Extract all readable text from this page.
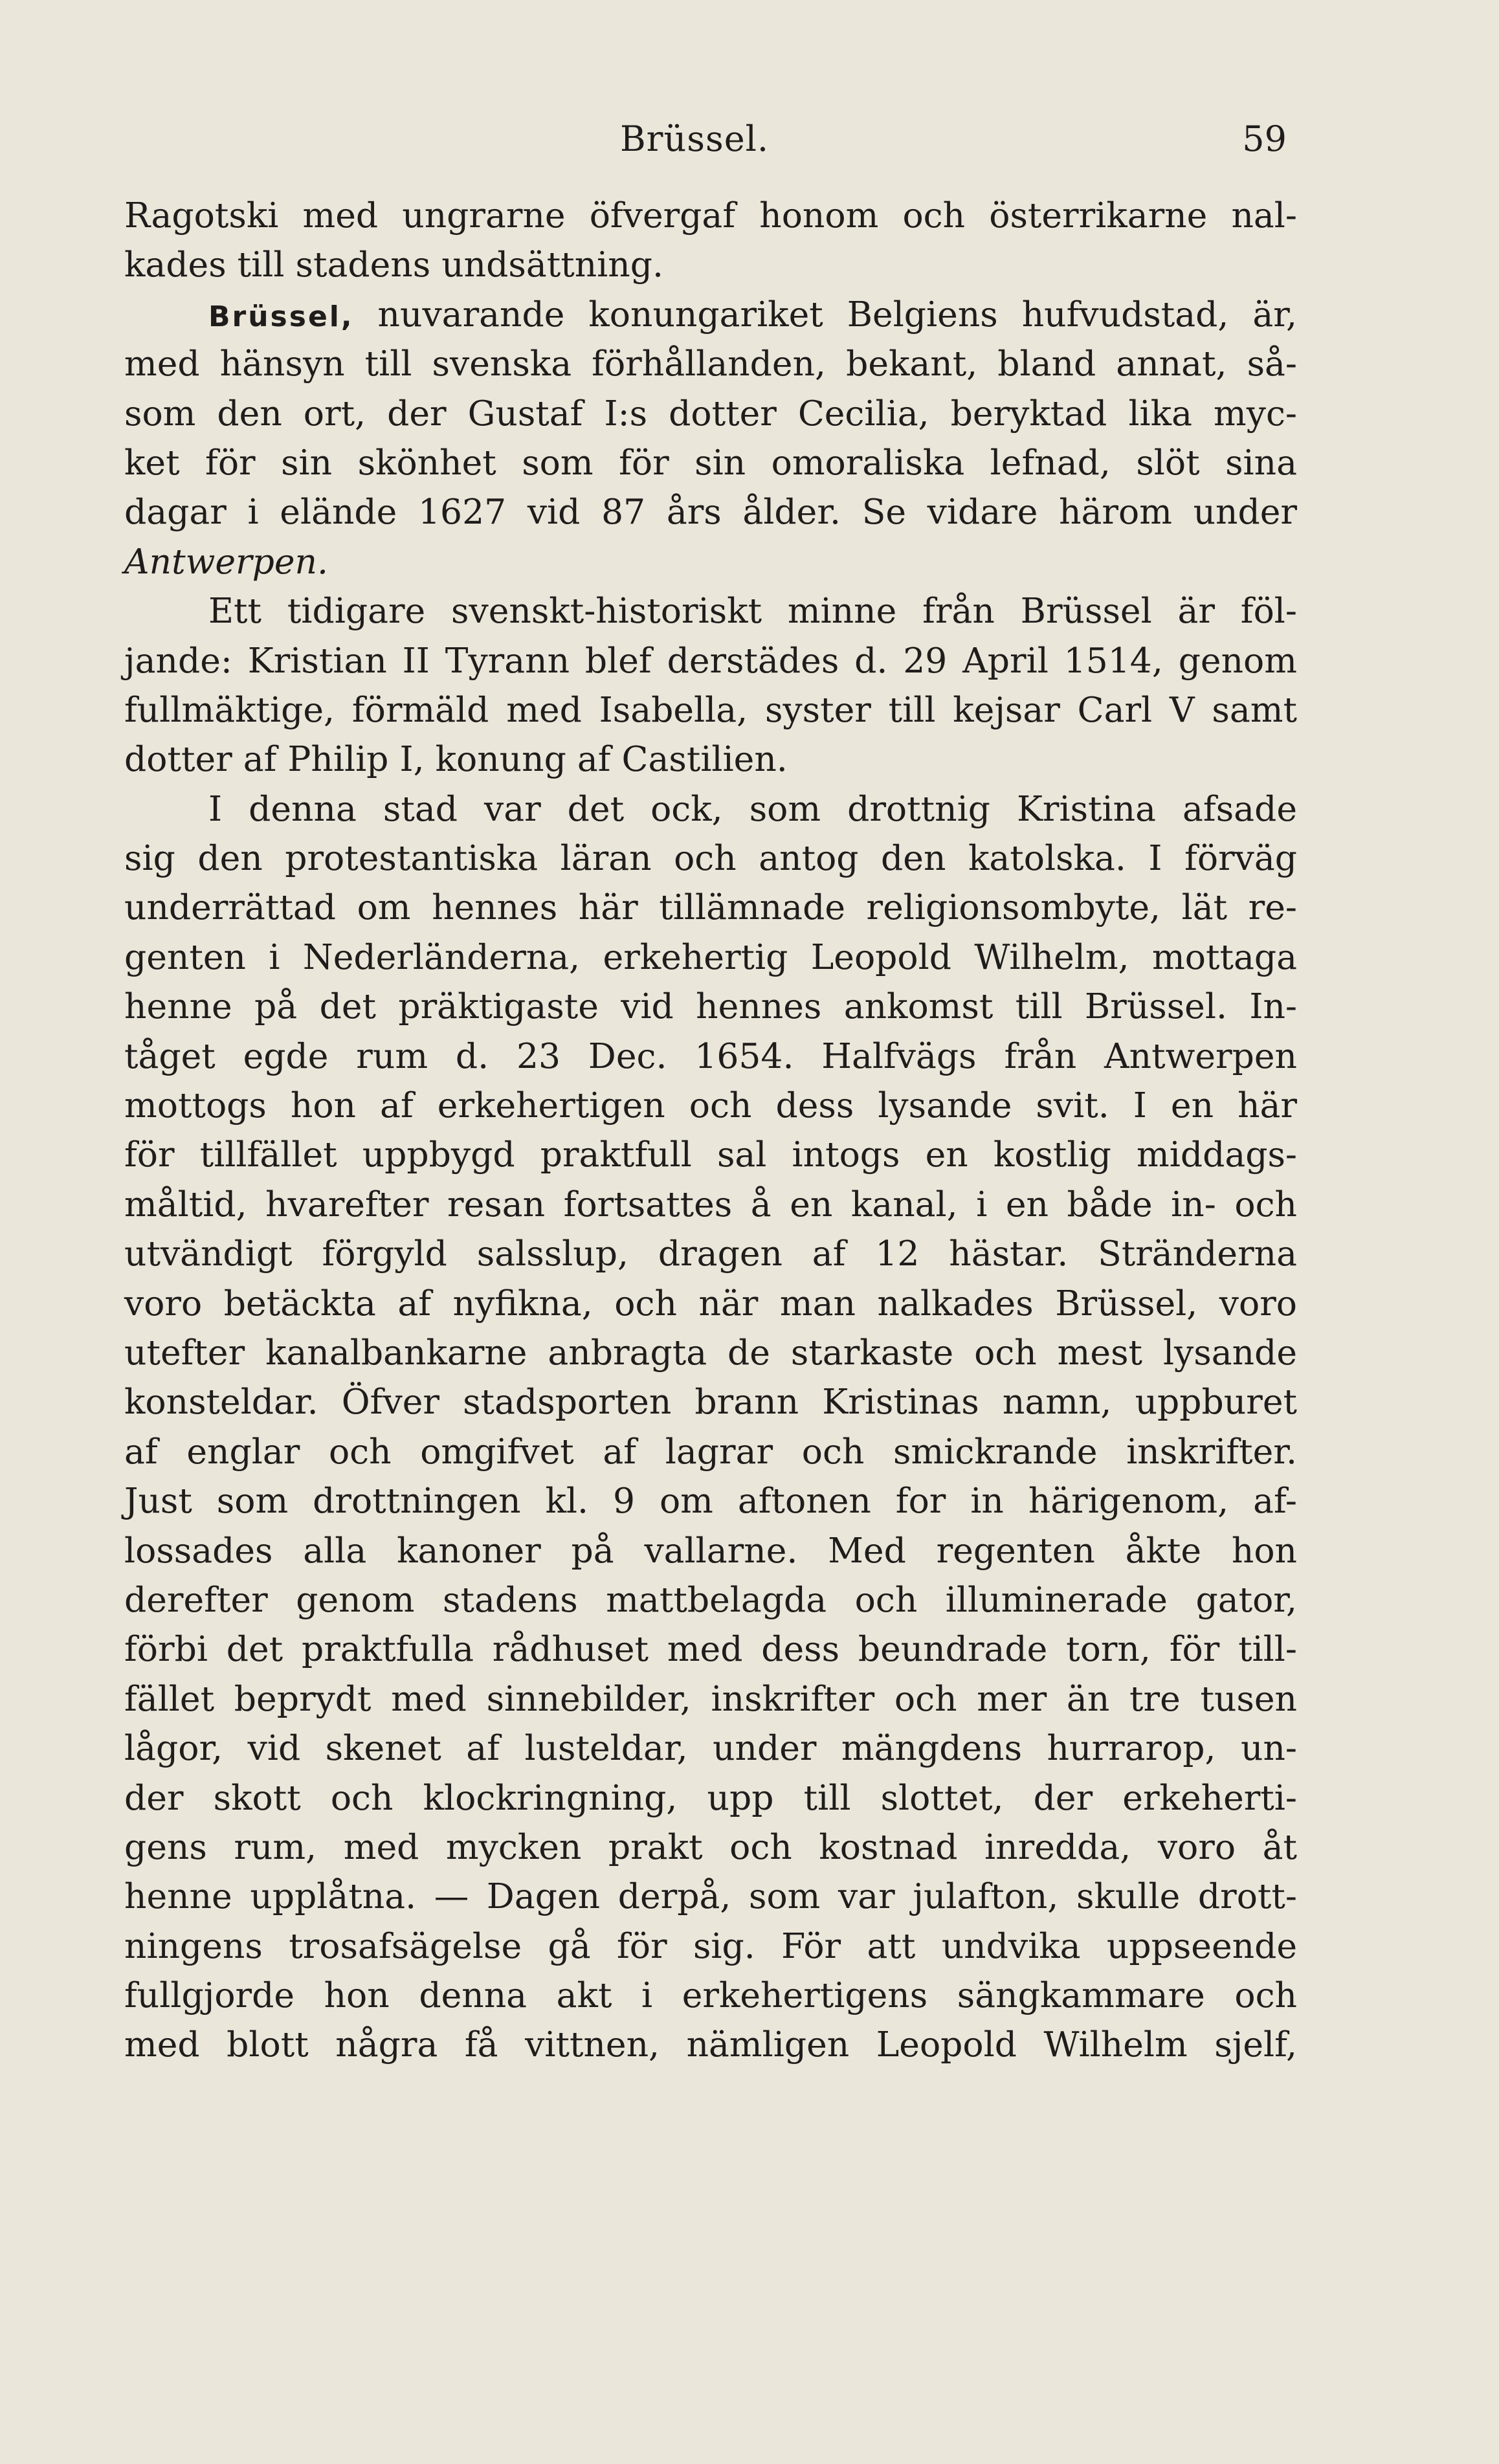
Brüssel.	59
Ragotski med ungrarne öfvergaf honom och österrikarne nal-
kades till stadens undsättning.
Brüssel, nuvarande konungariket Belgiens hufvudstad, är,
med hänsyn till svenska förhållanden, bekant, bland annat, så-
som den ort, der Gustaf I:s dotter Cecilia, beryktad lika myc-
ket för sin skönhet som för sin omoraliska lefnad, slöt sina
dagar i elände 1627 vid 87 års ålder. Se vidare härom under
Antwerpen.
Ett tidigare svenskt-historiskt minne från Brüssel är föl-
jande: Kristian II Tyrann blef derstädes d. 29 April 1514, genom
fullmäktige, förmäld med Isabella, syster till kejsar Carl V samt
dotter af Philip I, konung af Castilien.
I denna stad var det ock, som drottnig Kristina afsade
sig den protestantiska läran och antog den katolska. I förväg
underrättad om hennes här tillämnade religionsombyte, lät re-
genten i Nederländerna, erkehertig Leopold Wilhelm, mottaga
henne på det präktigaste vid hennes ankomst till Brüssel. In-
tåget egde rum d. 23 Dec. 1654. Halfvägs från Antwerpen
mottogs hon af erkehertigen och dess lysande svit. I en här
för tillfället uppbygd praktfull sal intogs en kostlig middags-
måltid, hvarefter resan fortsattes å en kanal, i en både in- och
utvändigt förgyld salsslup, dragen af 12 hästar. Stränderna
voro betäckta af nyfikna, och när man nalkades Brüssel, voro
utefter kanalbankarne anbragta de starkaste och mest lysande
konsteldar. Öfver stadsporten brann Kristinas namn, uppburet
af englar och omgifvet af lagrar och smickrande inskrifter.
Just som drottningen kl. 9 om aftonen for in härigenom, af-
lossades alla kanoner på vallarne. Med regenten åkte hon
derefter genom stadens mattbelagda och illuminerade gator,
förbi det praktfulla rådhuset med dess beundrade torn, för till-
fället beprydt med sinnebilder, inskrifter och mer än tre tusen
lågor, vid skenet af lusteldar, under mängdens hurrarop, un-
der skott och klockringning, upp till slottet, der erkeherti-
gens rum, med mycken prakt och kostnad inredda, voro åt
henne upplåtna. — Dagen derpå, som var julafton, skulle drott-
ningens trosafsägelse gå för sig. För att undvika uppseende
fullgjorde hon denna akt i erkehertigens sängkammare och
med blott några få vittnen, nämligen Leopold Wilhelm sjelf,
